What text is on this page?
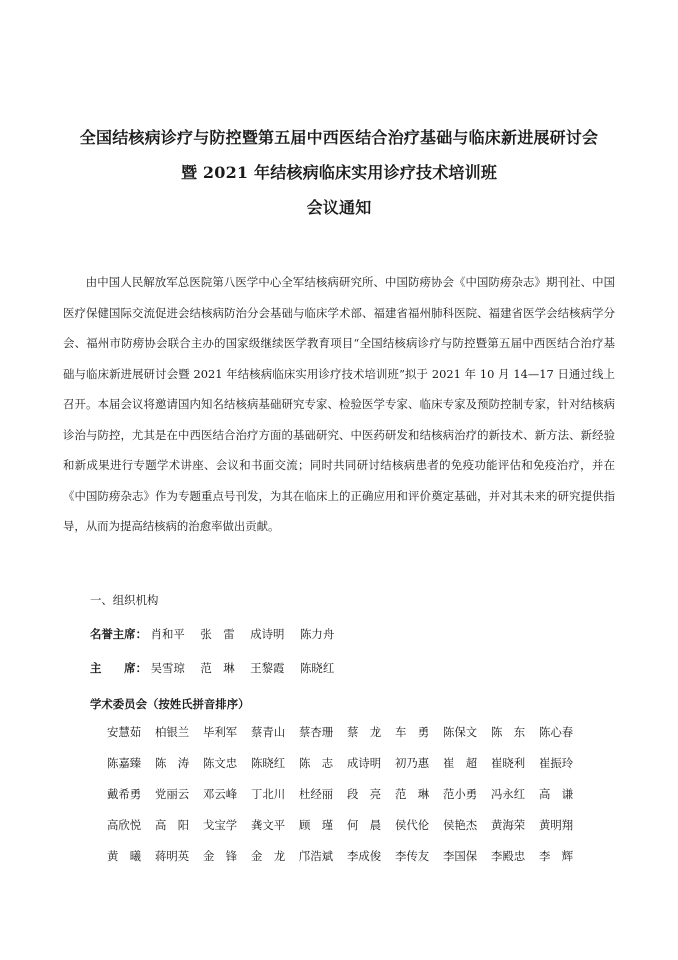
全国结核病诊疗与防控暨第五届中西医结合治疗基础与临床新进展研讨会
暨 2021 年结核病临床实用诊疗技术培训班
会议通知

由中国人民解放军总医院第八医学中心全军结核病研究所、中国防痨协会《中国防痨杂志》期刊社、中国医疗保健国际交流促进会结核病防治分会基础与临床学术部、福建省福州肺科医院、福建省医学会结核病学分会、福州市防痨协会联合主办的国家级继续医学教育项目“全国结核病诊疗与防控暨第五届中西医结合治疗基础与临床新进展研讨会暨 2021 年结核病临床实用诊疗技术培训班”拟于 2021 年 10 月 14—17 日通过线上召开。本届会议将邀请国内知名结核病基础研究专家、检验医学专家、临床专家及预防控制专家，针对结核病诊治与防控，尤其是在中西医结合治疗方面的基础研究、中医药研发和结核病治疗的新技术、新方法、新经验和新成果进行专题学术讲座、会议和书面交流；同时共同研讨结核病患者的免疫功能评估和免疫治疗，并在《中国防痨杂志》作为专题重点号刊发，为其在临床上的正确应用和评价奠定基础，并对其未来的研究提供指导，从而为提高结核病的治愈率做出贡献。

一、组织机构
名誉主席： 肖和平 张　雷 成诗明 陈力舟
主　　席： 吴雪琼 范　琳 王黎霞 陈晓红
学术委员会（按姓氏拼音排序）
安慧茹	柏银兰	毕利军	蔡青山	蔡杏珊	蔡　龙	车　勇	陈保文	陈　东	陈心春
陈嘉臻	陈　涛	陈文忠	陈晓红	陈　志	成诗明	初乃惠	崔　超	崔晓利	崔振玲
戴希勇	党丽云	邓云峰	丁北川	杜经丽	段　亮	范　琳	范小勇	冯永红	高　谦
高欣悦	高　阳	戈宝学	龚文平	顾　瑾	何　晨	侯代伦	侯艳杰	黄海荣	黄明翔
黄　曦	蒋明英	金　锋	金　龙	邝浩斌	李成俊	李传友	李国保	李殿忠	李　辉
